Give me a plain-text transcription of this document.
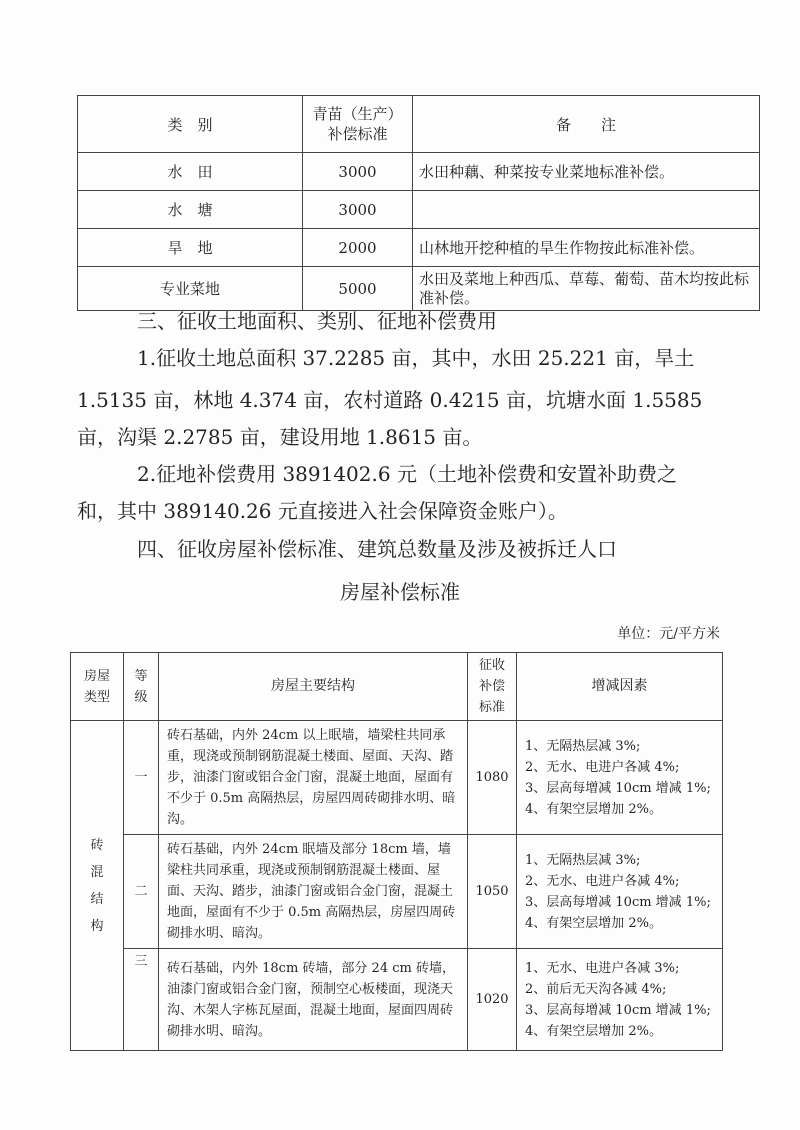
类　别	青苗（生产）补偿标准	备　　注
水　田	3000	水田种藕、种菜按专业菜地标准补偿。
水　塘	3000	
旱　地	2000	山林地开挖种植的旱生作物按此标准补偿。
专业菜地	5000	水田及菜地上种西瓜、草莓、葡萄、苗木均按此标准补偿。
三、征收土地面积、类别、征地补偿费用
1.征收土地总面积 37.2285 亩，其中，水田 25.221 亩，旱土
1.5135 亩，林地 4.374 亩，农村道路 0.4215 亩，坑塘水面 1.5585
亩，沟渠 2.2785 亩，建设用地 1.8615 亩。
2.征地补偿费用 3891402.6 元（土地补偿费和安置补助费之
和，其中 389140.26 元直接进入社会保障资金账户）。
四、征收房屋补偿标准、建筑总数量及涉及被拆迁人口
房屋补偿标准
单位：元/平方米
房屋类型	等级	房屋主要结构	征收补偿标准	增减因素
砖混结构	一	砖石基础，内外 24cm 以上眠墙，墙梁柱共同承重，现浇或预制钢筋混凝土楼面、屋面、天沟、踏步，油漆门窗或铝合金门窗，混凝土地面，屋面有不少于 0.5m 高隔热层，房屋四周砖砌排水明、暗沟。	1080	1、无隔热层减 3%;
2、无水、电进户各减 4%;
3、层高每增减 10cm 增减 1%;
4、有架空层增加 2%。

	二	砖石基础，内外 24cm 眠墙及部分 18cm 墙，墙梁柱共同承重，现浇或预制钢筋混凝土楼面、屋面、天沟、踏步，油漆门窗或铝合金门窗，混凝土地面，屋面有不少于 0.5m 高隔热层，房屋四周砖砌排水明、暗沟。	1050	1、无隔热层减 3%;
2、无水、电进户各减 4%;
3、层高每增减 10cm 增减 1%;
4、有架空层增加 2%。

	三	砖石基础，内外 18cm 砖墙，部分 24 cm 砖墙，油漆门窗或铝合金门窗，预制空心板楼面，现浇天沟、木架人字栋瓦屋面，混凝土地面，屋面四周砖砌排水明、暗沟。	1020	1、无水、电进户各减 3%;
2、前后无天沟各减 4%;
3、层高每增减 10cm 增减 1%;
4、有架空层增加 2%。
